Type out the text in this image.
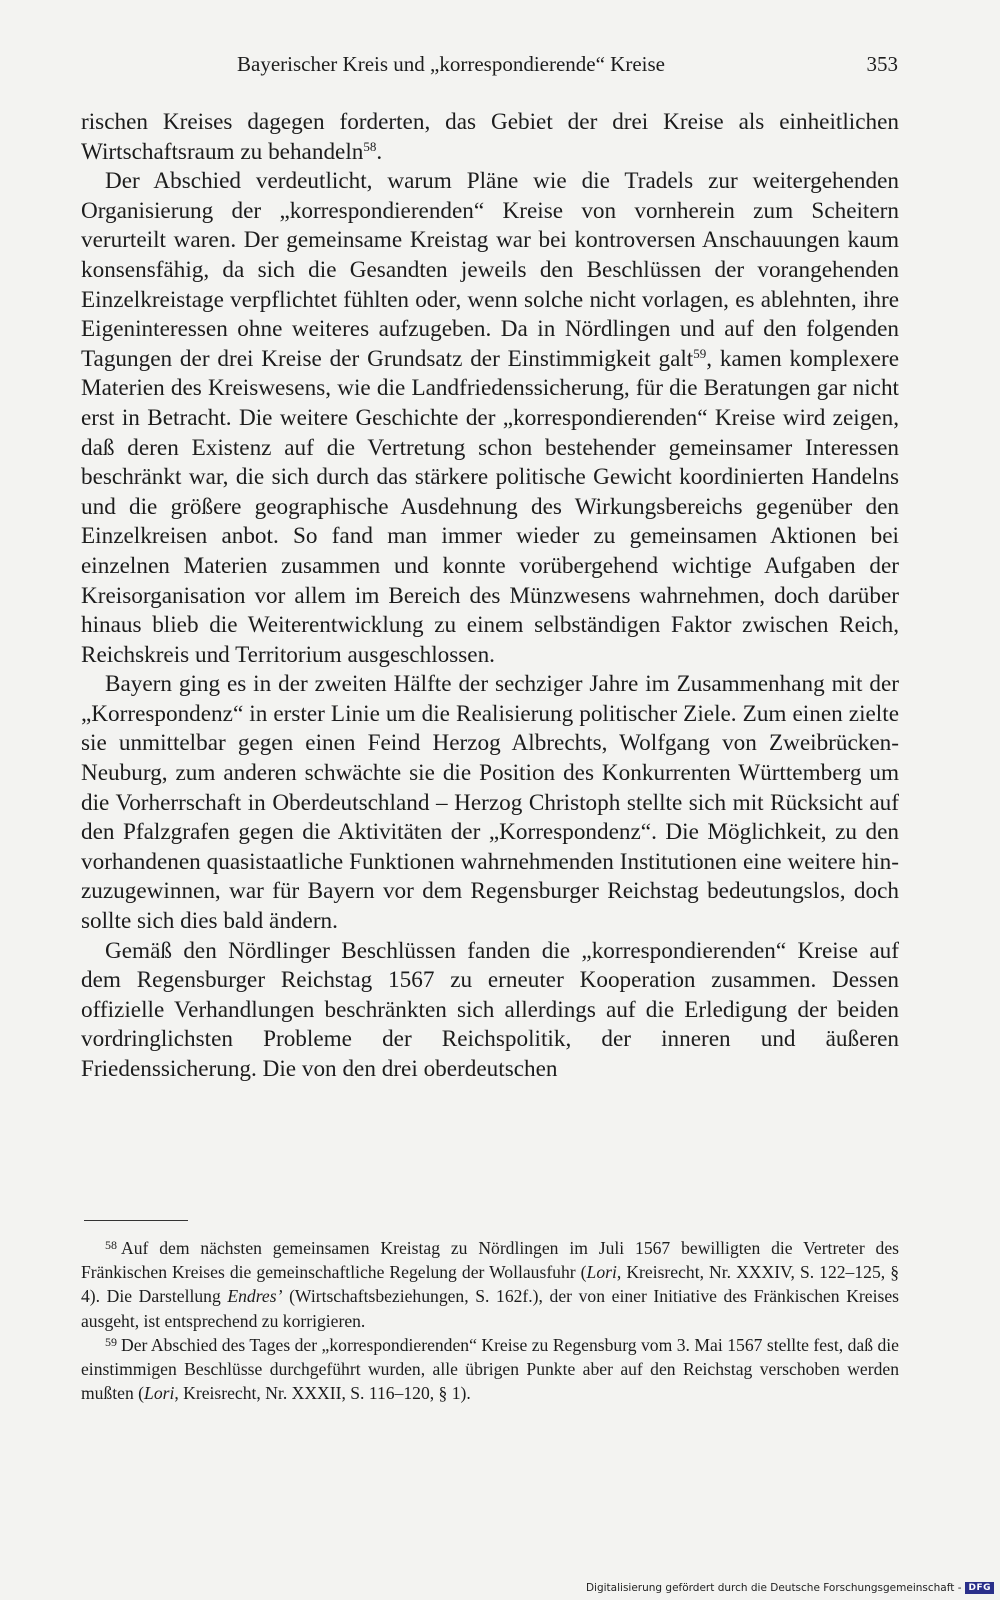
Bayerischer Kreis und „korrespondierende“ Kreise	353

rischen Kreises dagegen forderten, das Gebiet der drei Kreise als einheitlichen Wirtschaftsraum zu behandeln$^{58}$.

Der Abschied verdeutlicht, warum Pläne wie die Tradels zur weitergehenden Organisierung der „korrespondierenden“ Kreise von vornherein zum Scheitern verurteilt waren. Der gemeinsame Kreistag war bei kontroversen Anschauungen kaum konsensfähig, da sich die Gesandten jeweils den Beschlüssen der vorangehenden Einzelkreistage verpflichtet fühlten oder, wenn solche nicht vorlagen, es ablehnten, ihre Eigeninteressen ohne weiteres aufzugeben. Da in Nördlingen und auf den folgenden Tagungen der drei Kreise der Grundsatz der Einstimmigkeit galt$^{59}$, kamen komplexere Materien des Kreiswesens, wie die Landfriedenssicherung, für die Beratungen gar nicht erst in Betracht. Die weitere Geschichte der „korrespondierenden“ Kreise wird zeigen, daß deren Existenz auf die Vertretung schon bestehender gemeinsamer Interessen beschränkt war, die sich durch das stärkere politische Gewicht koordinierten Handelns und die größere geographische Ausdehnung des Wirkungsbereichs gegenüber den Einzelkreisen anbot. So fand man immer wieder zu gemeinsamen Aktionen bei einzelnen Materien zusammen und konnte vorübergehend wichtige Aufgaben der Kreisorganisation vor allem im Bereich des Münzwesens wahrnehmen, doch darüber hinaus blieb die Weiterentwicklung zu einem selbständigen Faktor zwischen Reich, Reichskreis und Territorium ausgeschlossen.

Bayern ging es in der zweiten Hälfte der sechziger Jahre im Zusammenhang mit der „Korrespondenz“ in erster Linie um die Realisierung politischer Ziele. Zum einen zielte sie unmittelbar gegen einen Feind Herzog Albrechts, Wolfgang von Zweibrücken-Neuburg, zum anderen schwächte sie die Position des Konkurrenten Württemberg um die Vorherrschaft in Oberdeutschland – Herzog Christoph stellte sich mit Rücksicht auf den Pfalzgrafen gegen die Aktivitäten der „Korrespondenz“. Die Möglichkeit, zu den vorhandenen quasistaatliche Funktionen wahrnehmenden Institutionen eine weitere hinzuzugewinnen, war für Bayern vor dem Regensburger Reichstag bedeutungslos, doch sollte sich dies bald ändern.

Gemäß den Nördlinger Beschlüssen fanden die „korrespondierenden“ Kreise auf dem Regensburger Reichstag 1567 zu erneuter Kooperation zusammen. Dessen offizielle Verhandlungen beschränkten sich allerdings auf die Erledigung der beiden vordringlichsten Probleme der Reichspolitik, der inneren und äußeren Friedenssicherung. Die von den drei oberdeutschen

$^{58}$ Auf dem nächsten gemeinsamen Kreistag zu Nördlingen im Juli 1567 bewilligten die Vertreter des Fränkischen Kreises die gemeinschaftliche Regelung der Wollausfuhr (Lori, Kreisrecht, Nr. XXXIV, S. 122–125, § 4). Die Darstellung Endres’ (Wirtschaftsbeziehungen, S. 162f.), der von einer Initiative des Fränkischen Kreises ausgeht, ist entsprechend zu korrigieren.

$^{59}$ Der Abschied des Tages der „korrespondierenden“ Kreise zu Regensburg vom 3. Mai 1567 stellte fest, daß die einstimmigen Beschlüsse durchgeführt wurden, alle übrigen Punkte aber auf den Reichstag verschoben werden mußten (Lori, Kreisrecht, Nr. XXXII, S. 116–120, § 1).

Digitalisierung gefördert durch die Deutsche Forschungsgemeinschaft - DFG
